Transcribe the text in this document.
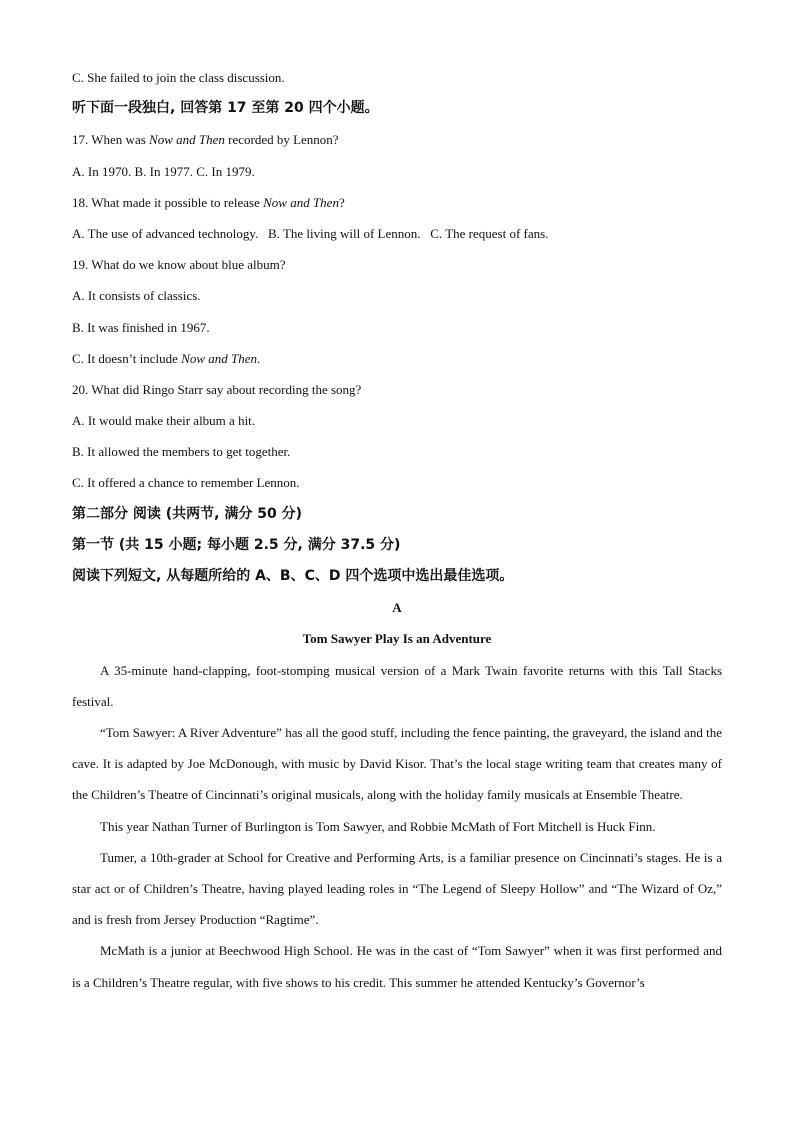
C. She failed to join the class discussion.

听下面一段独白, 回答第 17 至第 20 四个小题。

17. When was Now and Then recorded by Lennon?

A. In 1970. B. In 1977. C. In 1979.

18. What made it possible to release Now and Then?

A. The use of advanced technology.   B. The living will of Lennon.   C. The request of fans.

19. What do we know about blue album?

A. It consists of classics.

B. It was finished in 1967.

C. It doesn’t include Now and Then.

20. What did Ringo Starr say about recording the song?

A. It would make their album a hit.

B. It allowed the members to get together.

C. It offered a chance to remember Lennon.

第二部分 阅读 (共两节, 满分 50 分)

第一节 (共 15 小题; 每小题 2.5 分, 满分 37.5 分)

阅读下列短文, 从每题所给的 A、B、C、D 四个选项中选出最佳选项。

A

Tom Sawyer Play Is an Adventure

A 35-minute hand-clapping, foot-stomping musical version of a Mark Twain favorite returns with this Tall Stacks festival.

“Tom Sawyer: A River Adventure” has all the good stuff, including the fence painting, the graveyard, the island and the cave. It is adapted by Joe McDonough, with music by David Kisor. That’s the local stage writing team that creates many of the Children’s Theatre of Cincinnati’s original musicals, along with the holiday family musicals at Ensemble Theatre.

This year Nathan Turner of Burlington is Tom Sawyer, and Robbie McMath of Fort Mitchell is Huck Finn.

Tumer, a 10th-grader at School for Creative and Performing Arts, is a familiar presence on Cincinnati’s stages. He is a star act or of Children’s Theatre, having played leading roles in “The Legend of Sleepy Hollow” and “The Wizard of Oz,” and is fresh from Jersey Production “Ragtime”.

McMath is a junior at Beechwood High School. He was in the cast of “Tom Sawyer” when it was first performed and is a Children’s Theatre regular, with five shows to his credit. This summer he attended Kentucky’s Governor’s
